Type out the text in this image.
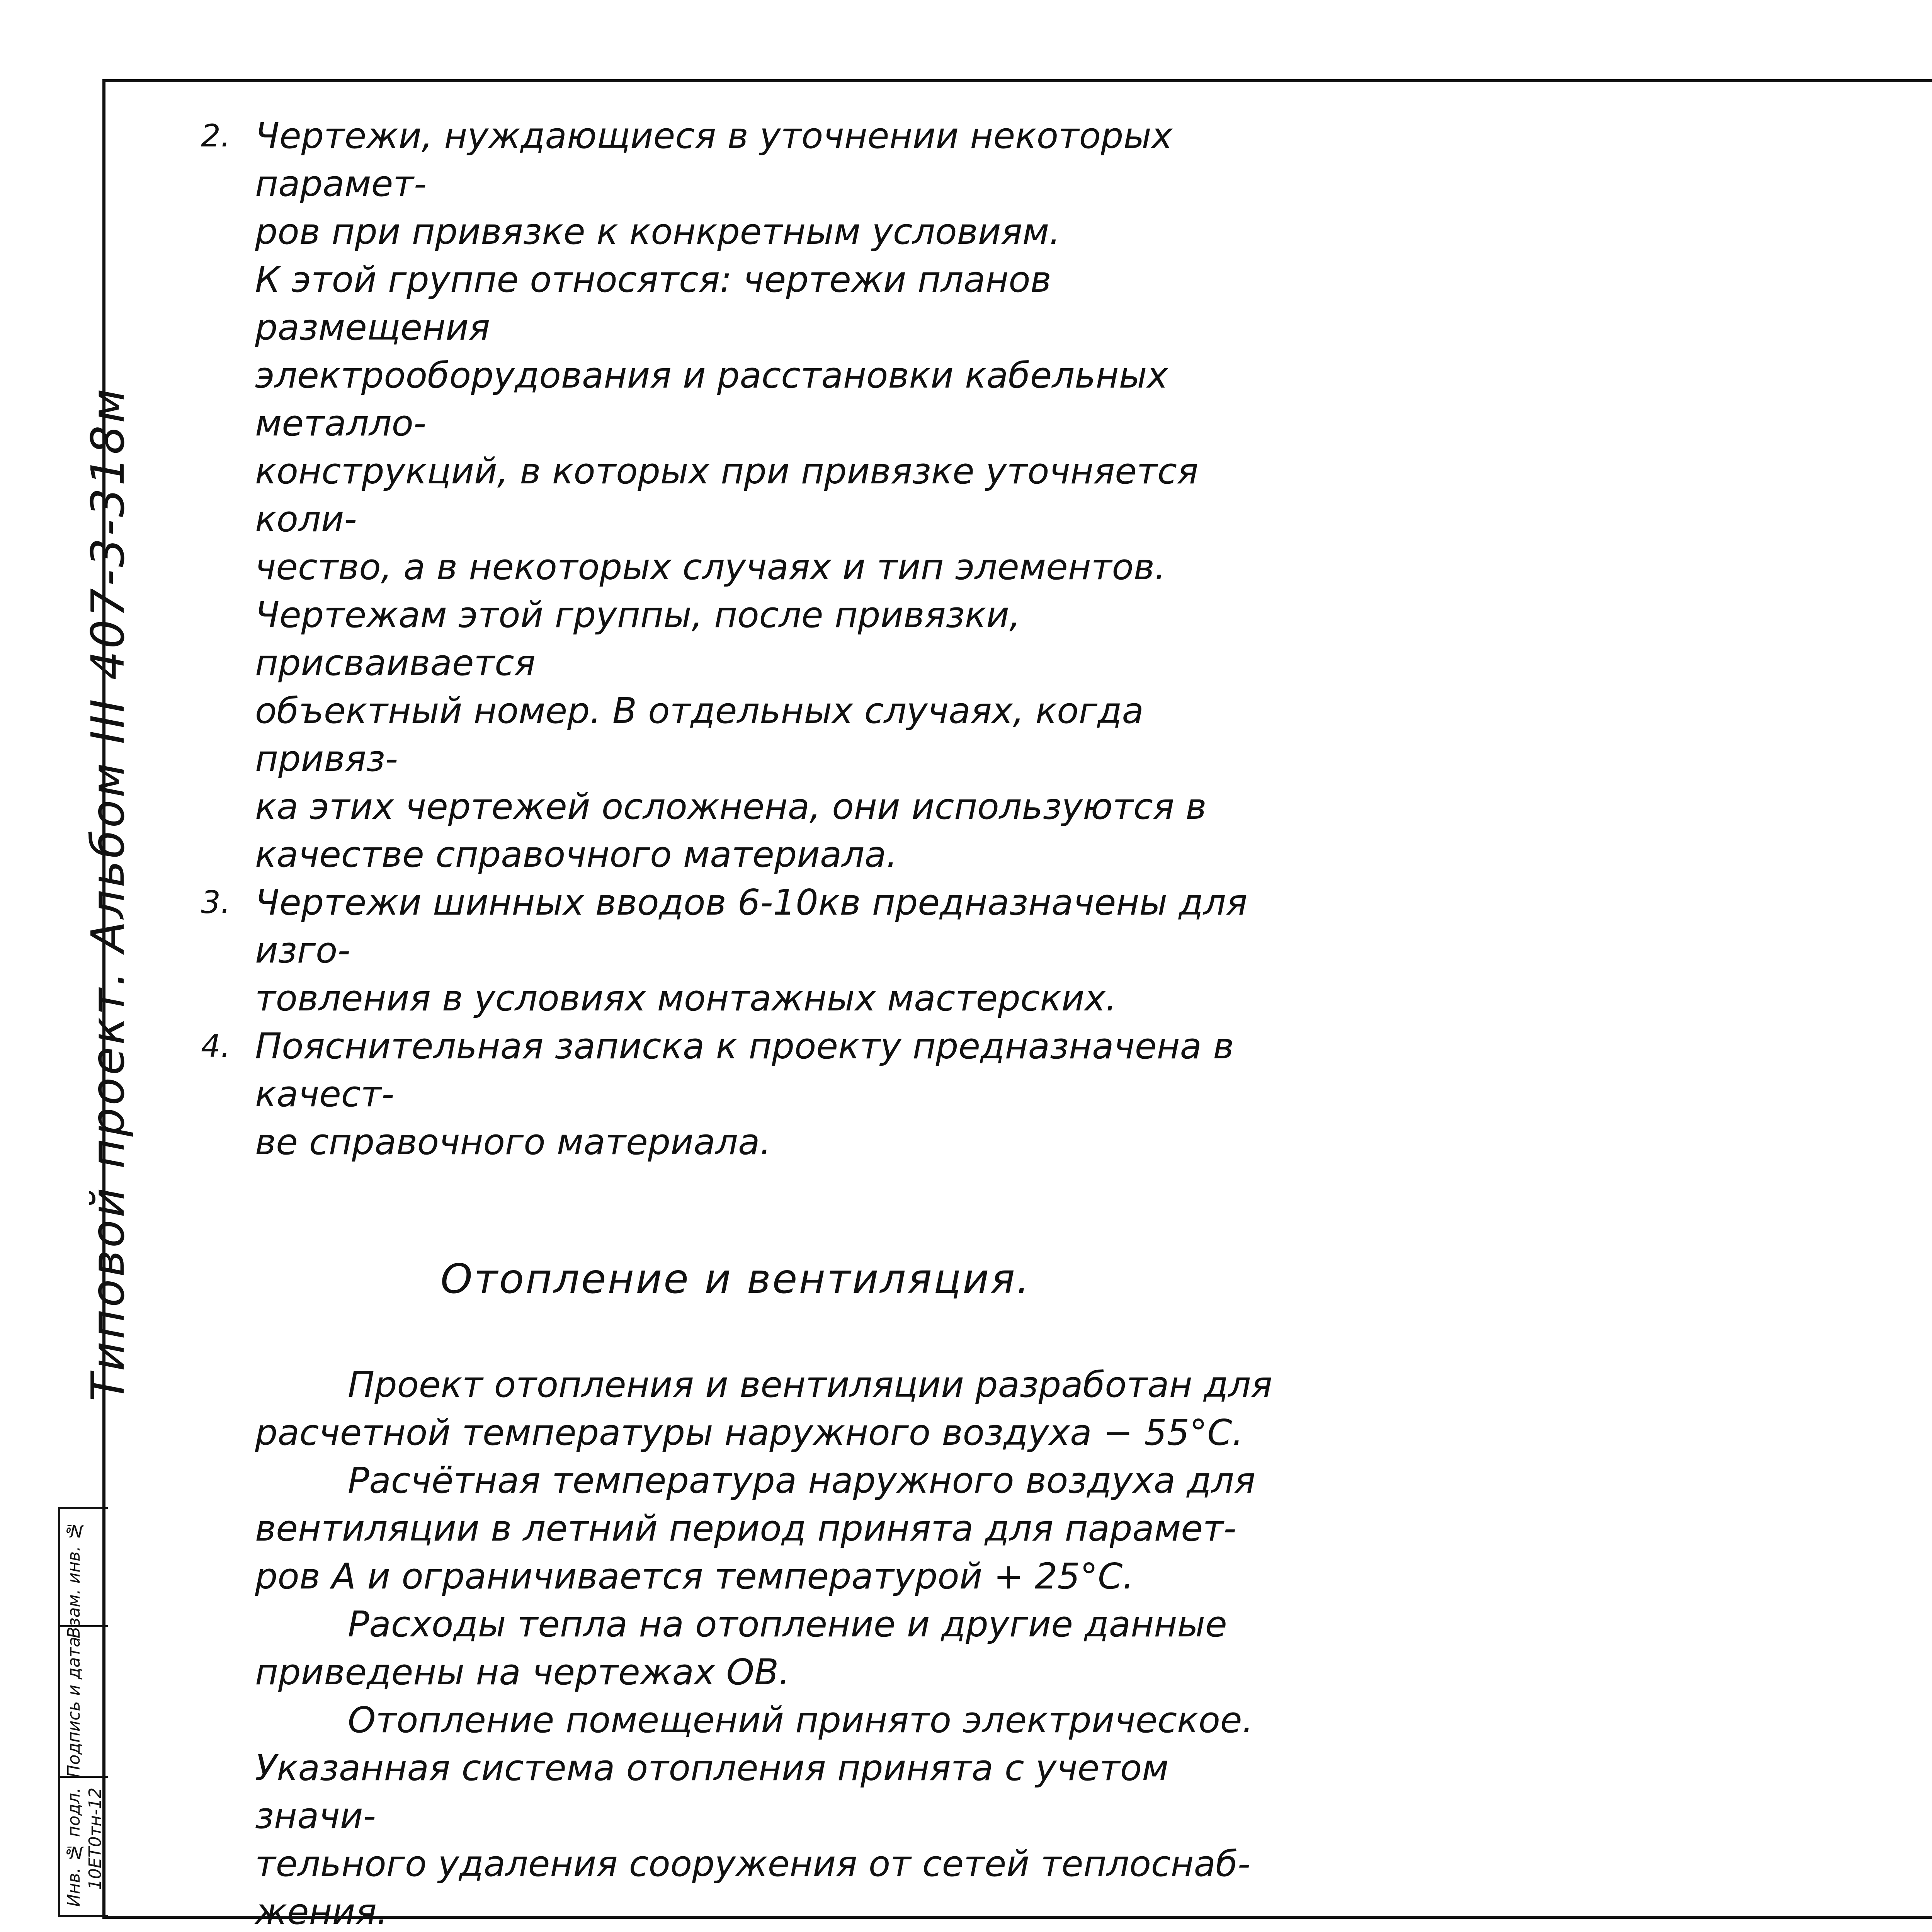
Типовой проект. Альбом III 407-3-318м
Взам. инв. №
Подпись и дата
Инв. № подл. 10ЕТ0тн-12
2. Чертежи, нуждающиеся в уточнении некоторых парамет-

ров при привязке к конкретным условиям.

К этой группе относятся: чертежи планов размещения

электрооборудования и расстановки кабельных металло-

конструкций, в которых при привязке уточняется коли-

чество, а в некоторых случаях и тип элементов.

Чертежам этой группы, после привязки, присваивается

объектный номер. В отдельных случаях, когда привяз-

ка этих чертежей осложнена, они используются в

качестве справочного материала.

3. Чертежи шинных вводов 6-10кв предназначены для изго-

товления в условиях монтажных мастерских.

4. Пояснительная записка к проекту предназначена в качест-

ве справочного материала.

Отопление и вентиляция.
Проект отопления и вентиляции разработан для
расчетной температуры наружного воздуха − 55°С.
Расчётная температура наружного воздуха для
вентиляции в летний период принята для парамет-
ров А и ограничивается температурой + 25°С.
Расходы тепла на отопление и другие данные
приведены на чертежах ОВ.
Отопление помещений принято электрическое.
Указанная система отопления принята с учетом значи-
тельного удаления сооружения от сетей теплоснаб-
жения.
